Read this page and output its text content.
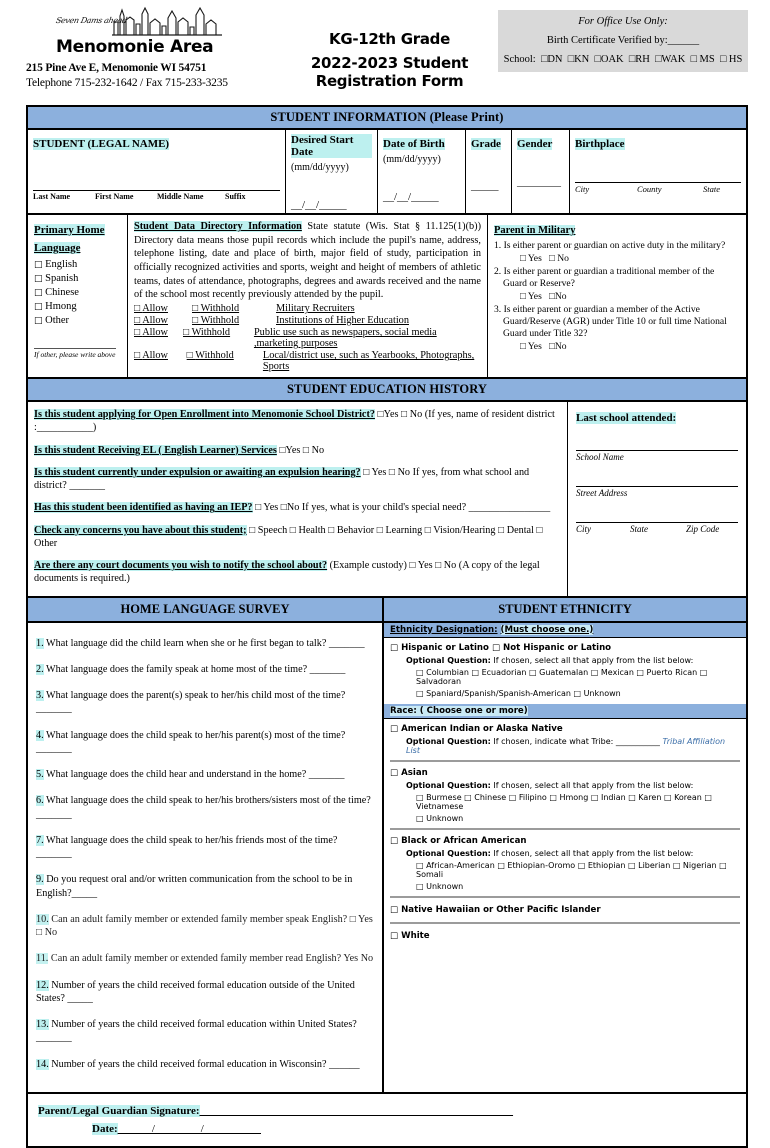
Seven Dams ahead
Menomonie Area
215 Pine Ave E, Menomonie WI 54751
Telephone 715-232-1642 / Fax 715-233-3235
KG-12th Grade
2022-2023 Student Registration Form
For Office Use Only:
Birth Certificate Verified by:______
School:  □DN  □KN  □OAK  □RH  □WAK  □ MS  □ HS
STUDENT INFORMATION (Please Print)
STUDENT (LEGAL NAME)
Last Name	First Name	Middle Name	Suffix
Desired Start Date
(mm/dd/yyyy)
__/__/_____
Date of Birth
(mm/dd/yyyy)
__/__/_____
Grade
_____
Gender
————
Birthplace
City	County	State
Primary Home Language
□ English
□ Spanish
□ Chinese
□ Hmong
□ Other
If other, please write above
Student Data Directory Information State statute (Wis. Stat § 11.125(1)(b)) Directory data means those pupil records which include the pupil's name, address, telephone listing, date and place of birth, major field of study, participation in officially recognized activities and sports, weight and height of members of athletic teams, dates of attendance, photographs, degrees and awards received and the name of the school most recently previously attended by the pupil.
□ Allow	□ Withhold	Military Recruiters
□ Allow	□ Withhold	Institutions of Higher Education
□ Allow	□ Withhold	Public use such as newspapers, social media ,marketing purposes
□ Allow	□ Withhold	Local/district use, such as Yearbooks, Photographs, Sports
Parent in Military
1. Is either parent or guardian on active duty in the military?
□ Yes □ No
2. Is either parent or guardian a traditional member of the Guard or Reserve?
□ Yes □No
3. Is either parent or guardian a member of the Active Guard/Reserve (AGR) under Title 10 or full time National Guard under Title 32?
□ Yes □No
STUDENT EDUCATION HISTORY
Is this student applying for Open Enrollment into Menomonie School District? □Yes □ No (If yes, name of resident district :___________)
Is this student Receiving EL ( English Learner) Services □Yes □ No
Is this student currently under expulsion or awaiting an expulsion hearing? □ Yes □ No If yes, from what school and district? _______
Has this student been identified as having an IEP? □ Yes □No If yes, what is your child's special need? ________________
Check any concerns you have about this student; □ Speech □ Health □ Behavior □ Learning □ Vision/Hearing □ Dental □ Other
Are there any court documents you wish to notify the school about? (Example custody) □ Yes □ No (A copy of the legal documents is required.)
Last school attended:
School Name
Street Address
City	State	Zip Code
HOME LANGUAGE SURVEY	STUDENT ETHNICITY
1. What language did the child learn when she or he first began to talk? _______
2. What language does the family speak at home most of the time? _______
3. What language does the parent(s) speak to her/his child most of the time? _______
4. What language does the child speak to her/his parent(s) most of the time? _______
5. What language does the child hear and understand in the home? _______
6. What language does the child speak to her/his brothers/sisters most of the time? _______
7. What language does the child speak to her/his friends most of the time? _______
9. Do you request oral and/or written communication from the school to be in English?_____
10. Can an adult family member or extended family member speak English? □ Yes □ No
11. Can an adult family member or extended family member read English? Yes No
12. Number of years the child received formal education outside of the United States? _____
13. Number of years the child received formal education within United States? _______
14. Number of years the child received formal education in Wisconsin? ______
Ethnicity Designation: (Must choose one.)
□ Hispanic or Latino □ Not Hispanic or Latino
Optional Question: If chosen, select all that apply from the list below:
□ Columbian □ Ecuadorian □ Guatemalan □ Mexican □ Puerto Rican □ Salvadoran
□ Spaniard/Spanish/Spanish-American □ Unknown
Race: ( Choose one or more)
□ American Indian or Alaska Native
Optional Question: If chosen, indicate what Tribe: ___________ Tribal Affiliation List
□ Asian
Optional Question: If chosen, select all that apply from the list below:
□ Burmese □ Chinese □ Filipino □ Hmong □ Indian □ Karen □ Korean □ Vietnamese
□ Unknown
□ Black or African American
Optional Question: If chosen, select all that apply from the list below:
□ African-American □ Ethiopian-Oromo □ Ethiopian □ Liberian □ Nigerian □ Somali
□ Unknown
□ Native Hawaiian or Other Pacific Islander
□ White
Parent/Legal Guardian Signature:_______________________________________________________ Date:______/________/__________
